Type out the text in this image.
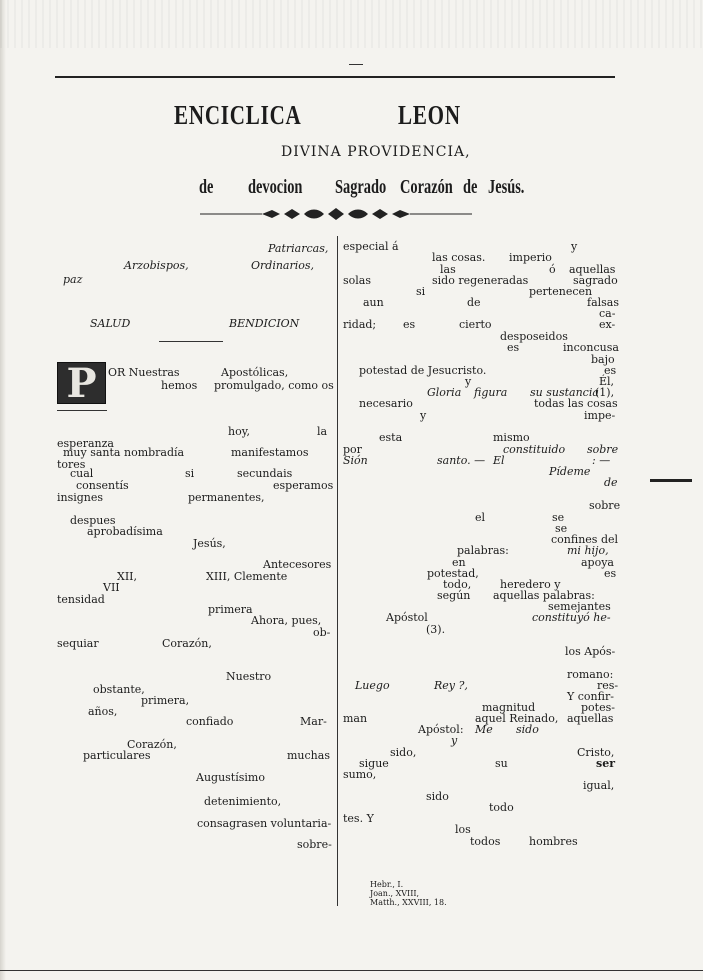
ENCICLICA	LEON
DIVINA PROVIDENCIA,
de devocion Sagrado Corazón de Jesús.
Patriarcas,
Arzobispos,	Ordinarios,
paz
SALUD	BENDICION
P	OR Nuestras	Apostólicas,
hemos promulgado, como os
hoy,	la
esperanza
muy santa nombradía	manifestamos
tores
cual	si	secundais
consentís	esperamos
insignes	permanentes,
despues
aprobadísima
Jesús,
Antecesores
XII,	XIII, Clemente
VII
tensidad
primera
Ahora, pues,
ob-
sequiar	Corazón,
Nuestro
obstante,
primera,
años,
confiado	Mar-
Corazón,
particulares	muchas
Augustísimo
detenimiento,
consagrasen voluntaria-
sobre-
especial á	y
las cosas. imperio
las	ó aquellas
solas	sido regeneradas	sagrado
si	pertenecen
aun	de	falsas
ca-
ridad; es	cierto	ex-
desposeidos
es	inconcusa
bajo
potestad de Jesucristo.	es
y	Él,
Gloria figura su sustancia
(1),
necesario	todas las cosas
y	impe-
esta	mismo
por	constituido sobre
Sión	santo. — El	: —
Pídeme
de
sobre
el	se
se
confines del
palabras:	mi hijo,
en	apoya
potestad,	es
todo,	heredero y
según aquellas palabras:
semejantes
Apóstol	constituyó he-
(3).
los Após-
romano:
Luego	Rey ?,	res-
Y confir-
magnitud	potes-
man	aquel Reinado, aquellas
Apóstol: Me sido
y
sido,	Cristo,
sigue	su	ser
sumo,
igual,
sido
todo
tes. Y
los
todos	hombres
Hebr., I.
Joan., XVIII,
Matth., XXVIII, 18.
